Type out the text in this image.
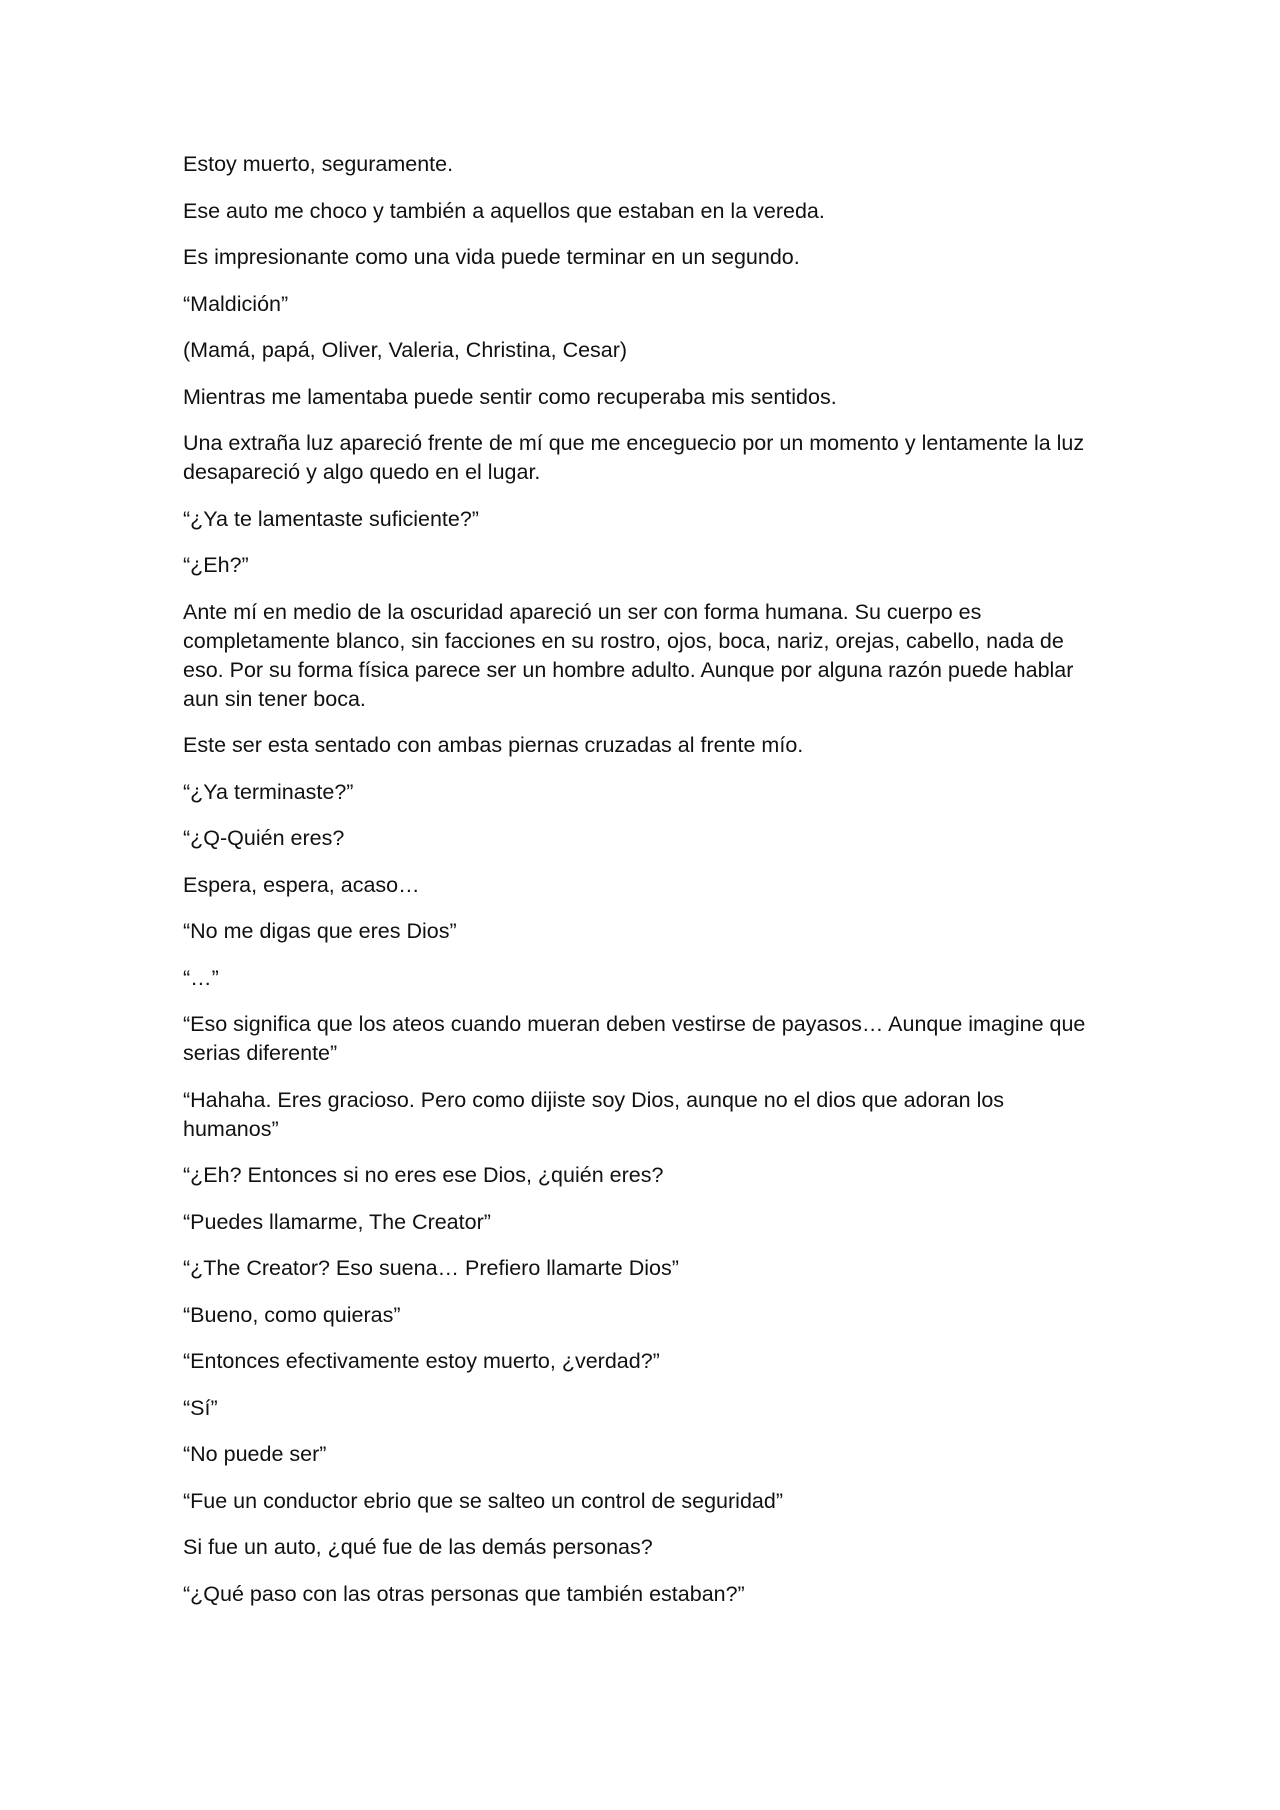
Estoy muerto, seguramente.

Ese auto me choco y también a aquellos que estaban en la vereda.

Es impresionante como una vida puede terminar en un segundo.

“Maldición”

(Mamá, papá, Oliver, Valeria, Christina, Cesar)

Mientras me lamentaba puede sentir como recuperaba mis sentidos.

Una extraña luz apareció frente de mí que me enceguecio por un momento y lentamente la luz desapareció y algo quedo en el lugar.

“¿Ya te lamentaste suficiente?”

“¿Eh?”

Ante mí en medio de la oscuridad apareció un ser con forma humana. Su cuerpo es completamente blanco, sin facciones en su rostro, ojos, boca, nariz, orejas, cabello, nada de eso. Por su forma física parece ser un hombre adulto. Aunque por alguna razón puede hablar aun sin tener boca.

Este ser esta sentado con ambas piernas cruzadas al frente mío.

“¿Ya terminaste?”

“¿Q-Quién eres?

Espera, espera, acaso…

“No me digas que eres Dios”

“…”

“Eso significa que los ateos cuando mueran deben vestirse de payasos… Aunque imagine que serias diferente”

“Hahaha. Eres gracioso. Pero como dijiste soy Dios, aunque no el dios que adoran los humanos”

“¿Eh? Entonces si no eres ese Dios, ¿quién eres?

“Puedes llamarme, The Creator”

“¿The Creator? Eso suena… Prefiero llamarte Dios”

“Bueno, como quieras”

“Entonces efectivamente estoy muerto, ¿verdad?”

“Sí”

“No puede ser”

“Fue un conductor ebrio que se salteo un control de seguridad”

Si fue un auto, ¿qué fue de las demás personas?

“¿Qué paso con las otras personas que también estaban?”
